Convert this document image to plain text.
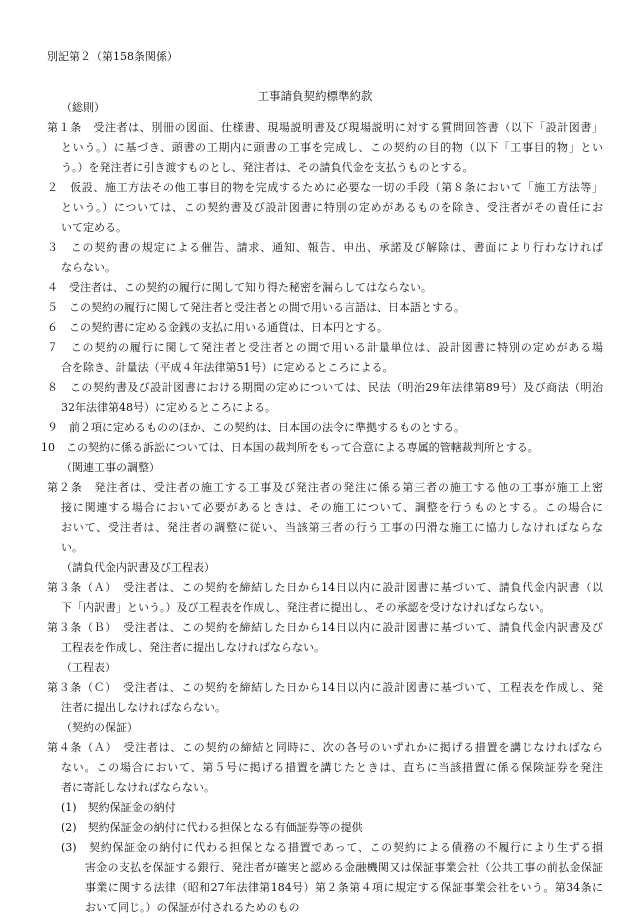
別記第２（第158条関係）
工事請負契約標準約款
（総則）
第１条　受注者は、別冊の図面、仕様書、現場説明書及び現場説明に対する質問回答書（以下「設計図書」
という。）に基づき、頭書の工期内に頭書の工事を完成し、この契約の目的物（以下「工事目的物」とい
う。）を発注者に引き渡すものとし、発注者は、その請負代金を支払うものとする。
２　仮設、施工方法その他工事目的物を完成するために必要な一切の手段（第８条において「施工方法等」
という。）については、この契約書及び設計図書に特別の定めがあるものを除き、受注者がその責任にお
いて定める。
３　この契約書の規定による催告、請求、通知、報告、申出、承諾及び解除は、書面により行わなければ
ならない。
４　受注者は、この契約の履行に関して知り得た秘密を漏らしてはならない。
５　この契約の履行に関して発注者と受注者との間で用いる言語は、日本語とする。
６　この契約書に定める金銭の支払に用いる通貨は、日本円とする。
７　この契約の履行に関して発注者と受注者との間で用いる計量単位は、設計図書に特別の定めがある場
合を除き、計量法（平成４年法律第51号）に定めるところによる。
８　この契約書及び設計図書における期間の定めについては、民法（明治29年法律第89号）及び商法（明治
32年法律第48号）に定めるところによる。
９　前２項に定めるもののほか、この契約は、日本国の法令に準拠するものとする。
10　この契約に係る訴訟については、日本国の裁判所をもって合意による専属的管轄裁判所とする。
（関連工事の調整）
第２条　発注者は、受注者の施工する工事及び発注者の発注に係る第三者の施工する他の工事が施工上密
接に関連する場合において必要があるときは、その施工について、調整を行うものとする。この場合に
おいて、受注者は、発注者の調整に従い、当該第三者の行う工事の円滑な施工に協力しなければならな
い。
（請負代金内訳書及び工程表）
第３条（Ａ）　受注者は、この契約を締結した日から14日以内に設計図書に基づいて、請負代金内訳書（以
下「内訳書」という。）及び工程表を作成し、発注者に提出し、その承認を受けなければならない。
第３条（Ｂ）　受注者は、この契約を締結した日から14日以内に設計図書に基づいて、請負代金内訳書及び
工程表を作成し、発注者に提出しなければならない。
（工程表）
第３条（Ｃ）　受注者は、この契約を締結した日から14日以内に設計図書に基づいて、工程表を作成し、発
注者に提出しなければならない。
（契約の保証）
第４条（Ａ）　受注者は、この契約の締結と同時に、次の各号のいずれかに掲げる措置を講じなければなら
ない。この場合において、第５号に掲げる措置を講じたときは、直ちに当該措置に係る保険証券を発注
者に寄託しなければならない。
(1)　契約保証金の納付
(2)　契約保証金の納付に代わる担保となる有価証券等の提供
(3)　契約保証金の納付に代わる担保となる措置であって、この契約による債務の不履行により生ずる損
害金の支払を保証する銀行、発注者が確実と認める金融機関又は保証事業会社（公共工事の前払金保証
事業に関する法律（昭和27年法律第184号）第２条第４項に規定する保証事業会社をいう。第34条に
おいて同じ。）の保証が付されるためのもの
